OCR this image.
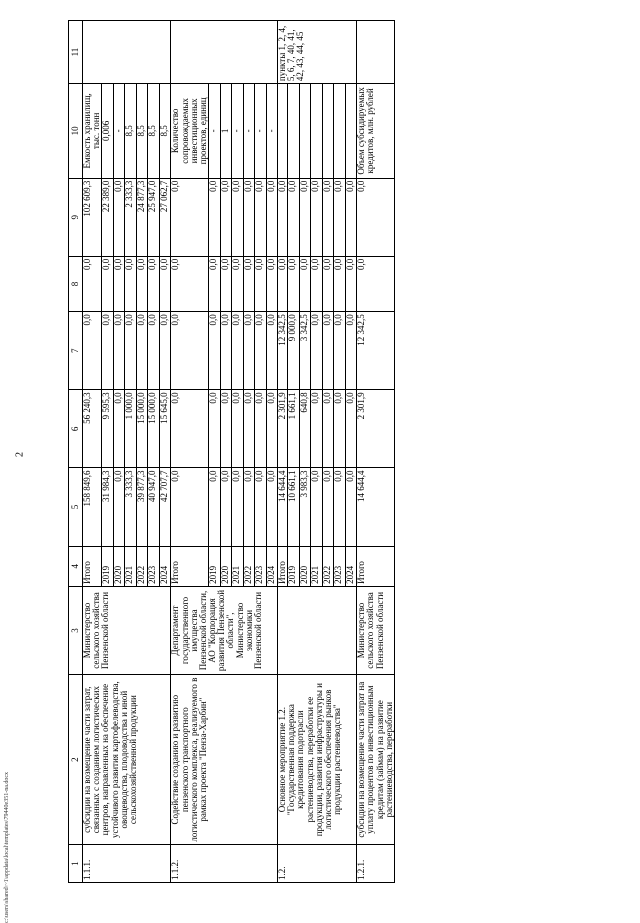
2
c:\users\shared\~1\appdata\local\templates\79440e351-na.docx	1	2	3	4	5	6	7	8	9	10	11
1.1.1.	субсидии на возмещение части затрат, связанных с созданием логистических центров, направленных на обеспечение устойчивого развития картофелеводства, овощеводства, плодоводства и иной сельскохозяйственной продукции	Министерство сельского хозяйства Пензенской области	Итого	158 849,6	56 240,3	0,0	0,0	102 609,3	Емкость хранилищ, тыс. тонн	
			2019	31 984,3	9 595,3	0,0	0,0	22 389,0	0,006	
			2020	0,0	0,0	0,0	0,0	0,0	-	
			2021	3 333,3	1 000,0	0,0	0,0	2 333,3	8,5	
			2022	39 877,3	15 000,0	0,0	0,0	24 877,3	8,5	
			2023	40 947,0	15 000,0	0,0	0,0	25 947,0	8,5	
			2024	42 707,7	15 645,0	0,0	0,0	27 062,7	8,5	
1.1.2.	Содействие созданию и развитию пензенского транспортного логистического комплекса, реализуемого в рамках проекта "Пенза-Харбин"	Департамент государственного имущества Пензенской области, АО "Корпорация развития Пензенской области", Министерство экономики Пензенской области	Итого	0,0	0,0	0,0	0,0	0,0	Количество сопровождаемых инвестиционных проектов, единиц	
			2019	0,0	0,0	0,0	0,0	0,0	-	
			2020	0,0	0,0	0,0	0,0	0,0	1	
			2021	0,0	0,0	0,0	0,0	0,0	-	
			2022	0,0	0,0	0,0	0,0	0,0	-	
			2023	0,0	0,0	0,0	0,0	0,0	-	
			2024	0,0	0,0	0,0	0,0	0,0	-	
1.2.	Основное мероприятие 1.2. "Государственная поддержка кредитования подотрасли растениеводства, переработки ее продукции, развития инфраструктуры и логистического обеспечения рынков продукции растениеводства"		Итого	14 644,4	2 301,9	12 342,5	0,0	0,0		пункты 1, 2, 4, 5, 6, 7, 40, 41, 42, 43, 44, 45
			2019	10 661,1	1 661,1	9 000,0	0,0	0,0		
			2020	3 983,3	640,8	3 342,5	0,0	0,0		
			2021	0,0	0,0	0,0	0,0	0,0		
			2022	0,0	0,0	0,0	0,0	0,0		
			2023	0,0	0,0	0,0	0,0	0,0		
			2024	0,0	0,0	0,0	0,0	0,0		
1.2.1.	субсидии на возмещение части затрат на уплату процентов по инвестиционным кредитам (займам) на развитие растениеводства, переработки	Министерство сельского хозяйства Пензенской области	Итого	14 644,4	2 301,9	12 342,5	0,0	0,0	Объем субсидируемых кредитов, млн. рублей	
